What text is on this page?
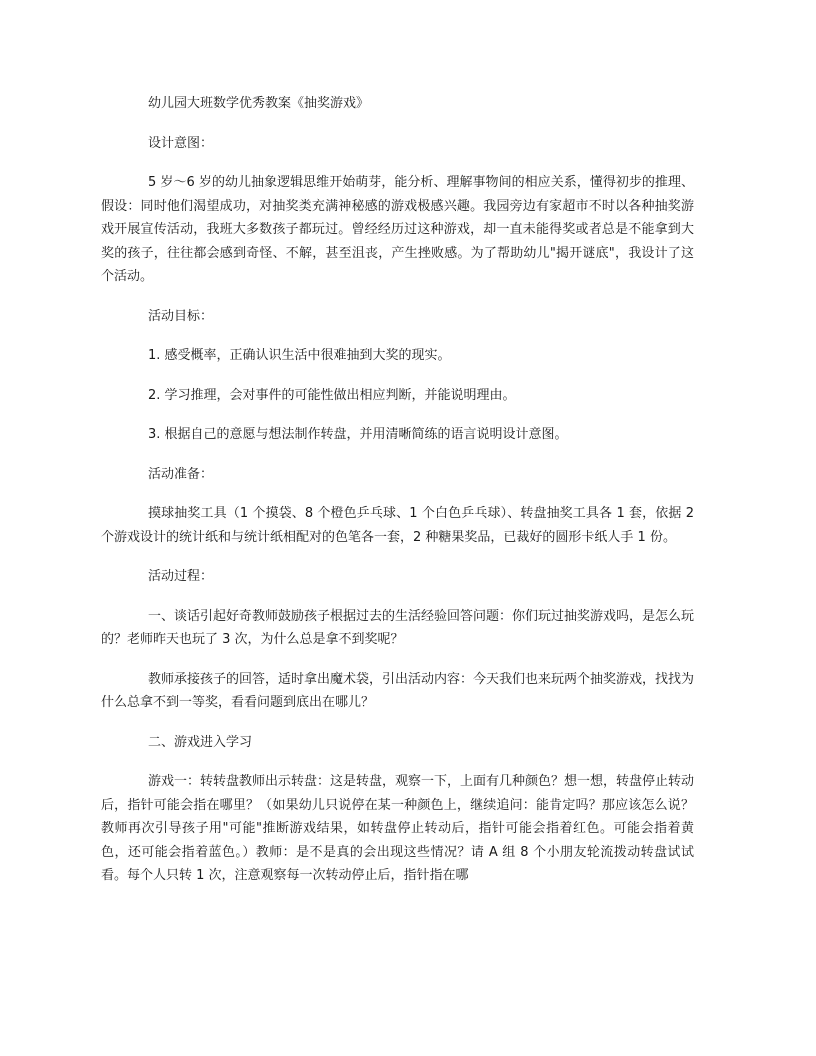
幼儿园大班数学优秀教案《抽奖游戏》
设计意图：
5 岁～6 岁的幼儿抽象逻辑思维开始萌芽，能分析、理解事物间的相应关系，懂得初步的推理、假设：同时他们渴望成功，对抽奖类充满神秘感的游戏极感兴趣。我园旁边有家超市不时以各种抽奖游戏开展宣传活动，我班大多数孩子都玩过。曾经经历过这种游戏，却一直未能得奖或者总是不能拿到大奖的孩子，往往都会感到奇怪、不解，甚至沮丧，产生挫败感。为了帮助幼儿"揭开谜底"，我设计了这个活动。
活动目标：
1. 感受概率，正确认识生活中很难抽到大奖的现实。
2. 学习推理，会对事件的可能性做出相应判断，并能说明理由。
3. 根据自己的意愿与想法制作转盘，并用清晰简练的语言说明设计意图。
活动准备：
摸球抽奖工具（1 个摸袋、8 个橙色乒乓球、1 个白色乒乓球）、转盘抽奖工具各 1 套，依据 2 个游戏设计的统计纸和与统计纸相配对的色笔各一套，2 种糖果奖品，已裁好的圆形卡纸人手 1 份。
活动过程：
一、谈话引起好奇教师鼓励孩子根据过去的生活经验回答问题：你们玩过抽奖游戏吗，是怎么玩的？老师昨天也玩了 3 次，为什么总是拿不到奖呢？
教师承接孩子的回答，适时拿出魔术袋，引出活动内容：今天我们也来玩两个抽奖游戏，找找为什么总拿不到一等奖，看看问题到底出在哪儿？
二、游戏进入学习
游戏一：转转盘教师出示转盘：这是转盘，观察一下，上面有几种颜色？想一想，转盘停止转动后，指针可能会指在哪里？（如果幼儿只说停在某一种颜色上，继续追问：能肯定吗？那应该怎么说？教师再次引导孩子用"可能"推断游戏结果，如转盘停止转动后，指针可能会指着红色。可能会指着黄色，还可能会指着蓝色。）教师：是不是真的会出现这些情况？请 A 组 8 个小朋友轮流拨动转盘试试看。每个人只转 1 次，注意观察每一次转动停止后，指针指在哪
